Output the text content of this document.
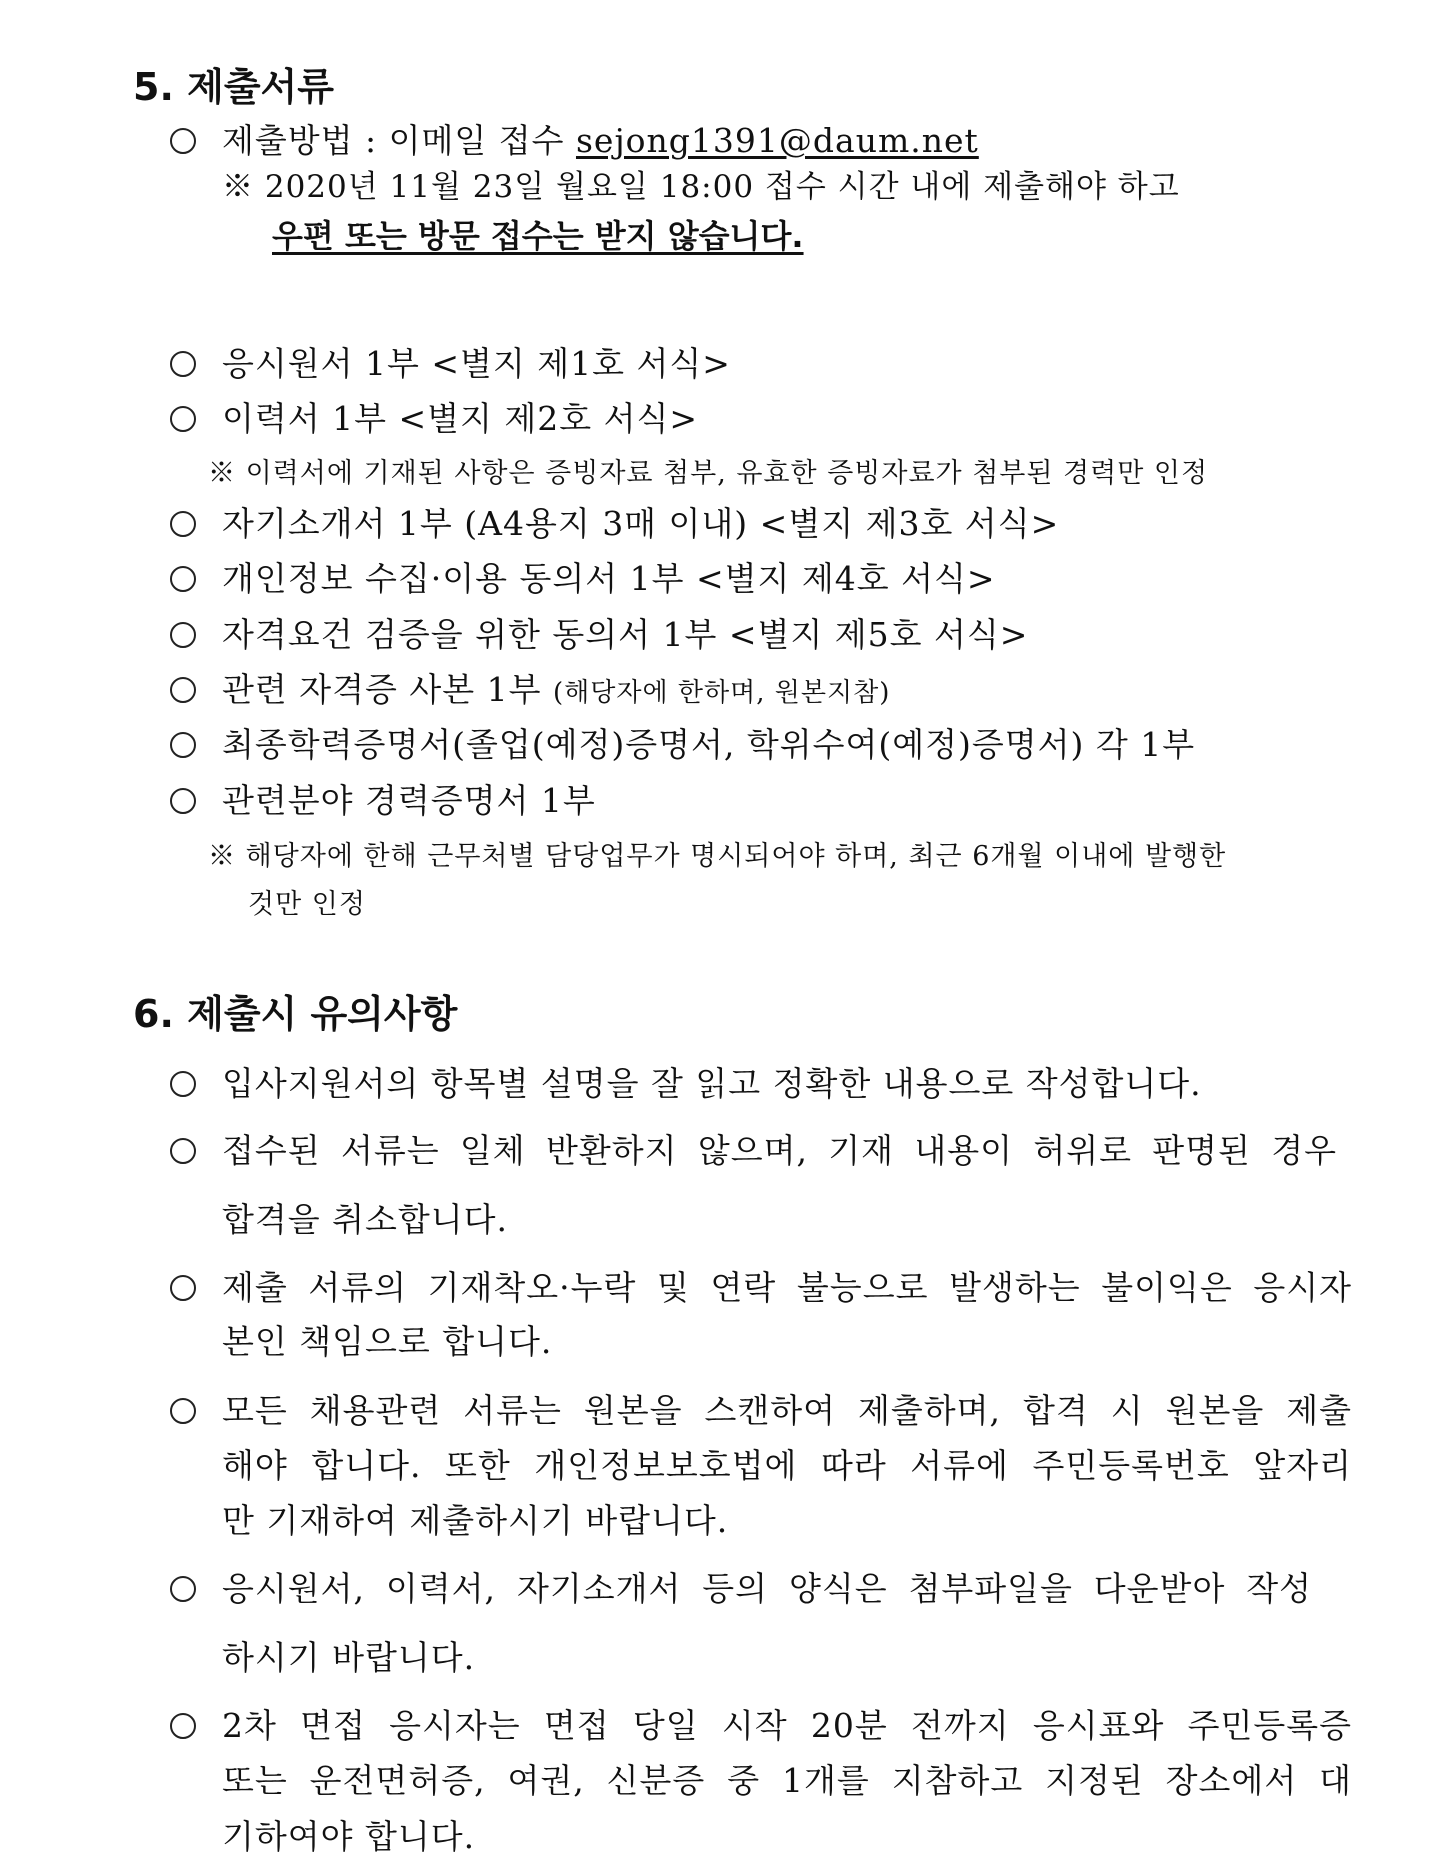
5. 제출서류
제출방법 : 이메일 접수 sejong1391@daum.net
※ 2020년 11월 23일 월요일 18:00 접수 시간 내에 제출해야 하고
우편 또는 방문 접수는 받지 않습니다.
응시원서 1부 <별지 제1호 서식>
이력서 1부 <별지 제2호 서식>
※ 이력서에 기재된 사항은 증빙자료 첨부, 유효한 증빙자료가 첨부된 경력만 인정
자기소개서 1부 (A4용지 3매 이내) <별지 제3호 서식>
개인정보 수집·이용 동의서 1부 <별지 제4호 서식>
자격요건 검증을 위한 동의서 1부 <별지 제5호 서식>
관련 자격증 사본 1부 (해당자에 한하며, 원본지참)
최종학력증명서(졸업(예정)증명서, 학위수여(예정)증명서) 각 1부
관련분야 경력증명서 1부
※ 해당자에 한해 근무처별 담당업무가 명시되어야 하며, 최근 6개월 이내에 발행한
것만 인정
6. 제출시 유의사항
입사지원서의 항목별 설명을 잘 읽고 정확한 내용으로 작성합니다.
접수된 서류는 일체 반환하지 않으며, 기재 내용이 허위로 판명된 경우
합격을 취소합니다.
제출 서류의 기재착오·누락 및 연락 불능으로 발생하는 불이익은 응시자
본인 책임으로 합니다.
모든 채용관련 서류는 원본을 스캔하여 제출하며, 합격 시 원본을 제출
해야 합니다. 또한 개인정보보호법에 따라 서류에 주민등록번호 앞자리
만 기재하여 제출하시기 바랍니다.
응시원서, 이력서, 자기소개서 등의 양식은 첨부파일을 다운받아 작성
하시기 바랍니다.
2차 면접 응시자는 면접 당일 시작 20분 전까지 응시표와 주민등록증
또는 운전면허증, 여권, 신분증 중 1개를 지참하고 지정된 장소에서 대
기하여야 합니다.
